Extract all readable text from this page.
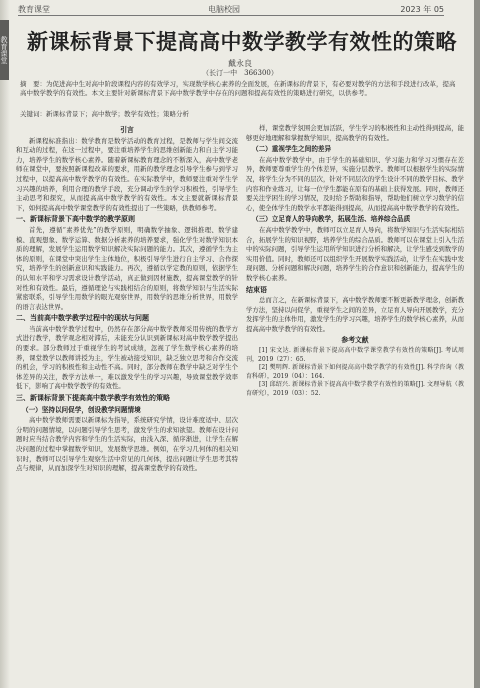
教育课堂
教育课堂	电脑校园	2023 年 05
新课标背景下提高高中数学教学有效性的策略
戴永良
（长汀一中　366300）
摘　要：为促进高中生对高中阶段课程内容的有效学习，实现数学核心素养的全面发展，在新课标的背景下，有必要对教学的方法和手段进行改革，提高高中数学教学的有效性。本文主要针对新课标背景下高中数学教学中存在的问题和提高有效性的策略进行研究，以供参考。
关键词：新课标背景下；高中数学；教学有效性；策略分析
引言

新课程标准指出：数学教育是数学活动的教育过程，是教师与学生间交流和互动的过程，在这一过程中，要注重培养学生的思维创新能力和自主学习能力，培养学生的数学核心素养。随着新课标教育理念的不断深入，高中数学老师在课堂中，要按照新课程改革的要求，用新的教学理念引导学生参与到学习过程中，以提高高中数学教学的有效性。在实际教学中，教师要注重对学生学习兴趣的培养，利用合理的教学手段，充分调动学生的学习积极性，引导学生主动思考和探究，从而提高高中数学教学的有效性。本文主要就新课标背景下，如何提高高中数学课堂教学的有效性提出了一些策略，供教师参考。

一、新课标背景下高中数学的教学原则

首先，遵循“素养优先”的教学原则，明确数学抽象、逻辑推理、数学建模、直观想象、数学运算、数据分析素养的培养要求，强化学生对数学知识本质的理解，发展学生运用数学知识解决实际问题的能力。其次，遵循学生为主体的原则，在课堂中突出学生主体地位，积极引导学生进行自主学习、合作探究，培养学生的创新意识和实践能力。再次，遵循以学定教的原则，依据学生的认知水平和学习需求设计教学活动，真正做到因材施教，提高课堂教学的针对性和有效性。最后，遵循理论与实践相结合的原则，将数学知识与生活实际紧密联系，引导学生用数学的眼光观察世界，用数学的思维分析世界，用数学的语言表达世界。

二、当前高中数学教学过程中的现状与问题

当前高中数学教学过程中，仍然存在部分高中数学教师采用传统的教学方式进行教学，教学观念相对滞后，未能充分认识到新课标对高中数学教学提出的要求。部分教师过于重视学生的考试成绩，忽视了学生数学核心素养的培养，课堂教学以教师讲授为主，学生被动接受知识，缺乏独立思考和合作交流的机会，学习的积极性和主动性不高。同时，部分教师在教学中缺乏对学生个体差异的关注，教学方法单一，难以激发学生的学习兴趣，导致课堂教学效率低下，影响了高中数学教学的有效性。

三、新课标背景下提高高中数学教学有效性的策略
（一）坚持以问促学，创设教学问题情境

高中数学教师需要以新课标为指导，系统研究学情，设计难度适中、层次分明的问题情境，以问题引导学生思考，激发学生的求知欲望。教师在设计问题时应当结合教学内容和学生的生活实际，由浅入深、循序渐进，让学生在解决问题的过程中掌握数学知识，发展数学思维。例如，在学习几何体的相关知识时，教师可以引导学生观察生活中常见的几何体，提出问题让学生思考其特点与规律，从而加深学生对知识的理解，提高课堂教学的有效性。

样，课堂教学氛围会更加活跃，学生学习的积极性和主动性得到提高，能够更好地理解和掌握数学知识，提高教学的有效性。

（二）重视学生之间的差异

在高中数学教学中，由于学生的基础知识、学习能力和学习习惯存在差异，教师要尊重学生的个体差异，实施分层教学。教师可以根据学生的实际情况，将学生分为不同的层次，针对不同层次的学生设计不同的教学目标、教学内容和作业练习，让每一位学生都能在原有的基础上获得发展。同时，教师还要关注学困生的学习情况，及时给予帮助和指导，帮助他们树立学习数学的信心，使全体学生的数学水平都能得到提高，从而提高高中数学教学的有效性。

（三）立足育人的导向教学，拓展生活、培养综合品质

在高中数学教学中，教师可以立足育人导向，将数学知识与生活实际相结合，拓展学生的知识视野，培养学生的综合品质。教师可以在课堂上引入生活中的实际问题，引导学生运用所学知识进行分析和解决，让学生感受到数学的实用价值。同时，教师还可以组织学生开展数学实践活动，让学生在实践中发现问题、分析问题和解决问题，培养学生的合作意识和创新能力，提高学生的数学核心素养。

结束语

总而言之，在新课标背景下，高中数学教师要不断更新教学理念，创新教学方法，坚持以问促学，重视学生之间的差异，立足育人导向开展教学，充分发挥学生的主体作用，激发学生的学习兴趣，培养学生的数学核心素养，从而提高高中数学教学的有效性。

参考文献

[1] 宋文达. 新课标背景下提高高中数学课堂教学有效性的策略[J]. 考试周刊，2019（27）：65.

[2] 樊明辉. 新课标背景下如何提高高中数学教学的有效性[J]. 科学咨询（教育科研），2019（04）：164.

[3] 邱绍兴. 新课标背景下提高高中数学教学有效性的策略[J]. 文理导航（教育研究），2019（03）：52.
